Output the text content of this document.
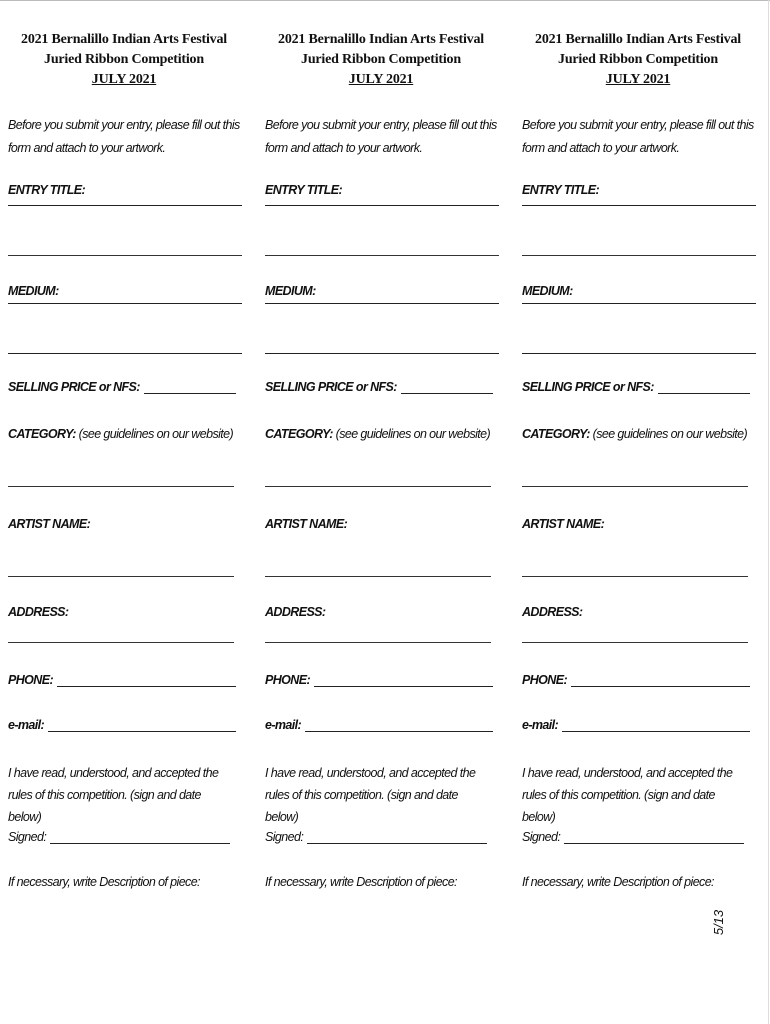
2021 Bernalillo Indian Arts Festival
Juried Ribbon Competition
JULY 2021
Before you submit your entry, please fill out this form and attach to your artwork.
ENTRY TITLE:
MEDIUM:
SELLING PRICE or NFS:
CATEGORY: (see guidelines on our website)
ARTIST NAME:
ADDRESS:
PHONE:
e-mail:
I have read, understood, and accepted the rules of this competition. (sign and date below)
Signed:
If necessary, write Description of piece:
2021 Bernalillo Indian Arts Festival
Juried Ribbon Competition
JULY 2021
Before you submit your entry, please fill out this form and attach to your artwork.
ENTRY TITLE:
MEDIUM:
SELLING PRICE or NFS:
CATEGORY: (see guidelines on our website)
ARTIST NAME:
ADDRESS:
PHONE:
e-mail:
I have read, understood, and accepted the rules of this competition. (sign and date below)
Signed:
If necessary, write Description of piece:
2021 Bernalillo Indian Arts Festival
Juried Ribbon Competition
JULY 2021
Before you submit your entry, please fill out this form and attach to your artwork.
ENTRY TITLE:
MEDIUM:
SELLING PRICE or NFS:
CATEGORY: (see guidelines on our website)
ARTIST NAME:
ADDRESS:
PHONE:
e-mail:
I have read, understood, and accepted the rules of this competition. (sign and date below)
Signed:
If necessary, write Description of piece:
5/13
